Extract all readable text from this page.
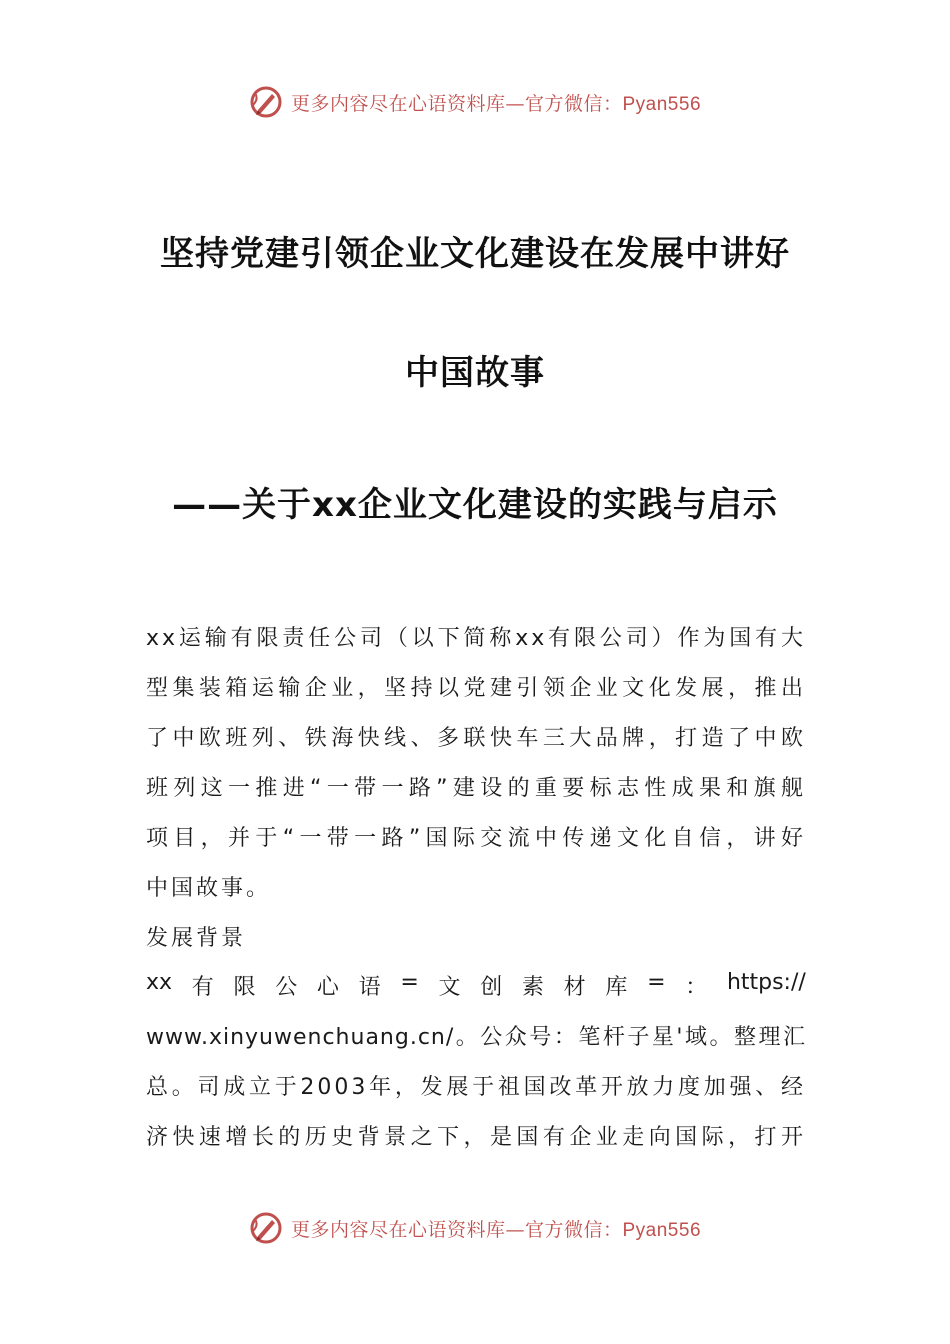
更多内容尽在心语资料库—官方微信：Pyan556
坚持党建引领企业文化建设在发展中讲好
中国故事
——关于xx企业文化建设的实践与启示
xx运输有限责任公司（以下简称xx有限公司）作为国有大
型集装箱运输企业，坚持以党建引领企业文化发展，推出
了中欧班列、铁海快线、多联快车三大品牌，打造了中欧
班列这一推进“一带一路”建设的重要标志性成果和旗舰
项目，并于“一带一路”国际交流中传递文化自信，讲好
中国故事。
发展背景
xx 有 限 公 心 语 = 文 创 素 材 库 = ： https://
www.xinyuwenchuang.cn/。公众号：笔杆子星'域。整理汇
总。司成立于2003年，发展于祖国改革开放力度加强、经
济快速增长的历史背景之下，是国有企业走向国际，打开
更多内容尽在心语资料库—官方微信：Pyan556
